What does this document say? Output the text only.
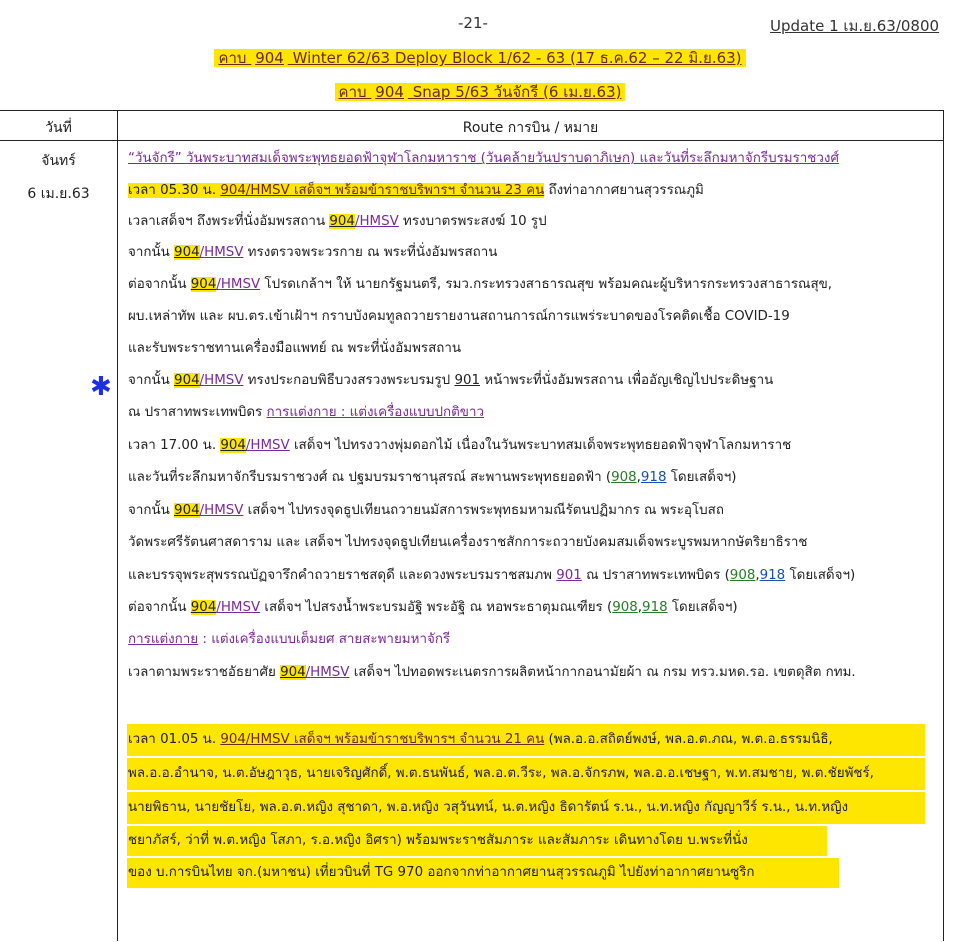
-21-	Update 1 เม.ย.63/0800
คาบ 904 Winter 62/63 Deploy Block 1/62 - 63 (17 ธ.ค.62 – 22 มิ.ย.63)
คาบ 904 Snap 5/63 วันจักรี (6 เม.ย.63)
วันที่	Route การบิน / หมาย
จันทร์
6 เม.ย.63
“วันจักรี” วันพระบาทสมเด็จพระพุทธยอดฟ้าจุฬาโลกมหาราช (วันคล้ายวันปราบดาภิเษก) และวันที่ระลึกมหาจักรีบรมราชวงศ์
เวลา 05.30 น. 904/HMSV เสด็จฯ พร้อมข้าราชบริพารฯ จำนวน 23 คน ถึงท่าอากาศยานสุวรรณภูมิ
เวลาเสด็จฯ ถึงพระที่นั่งอัมพรสถาน 904/HMSV ทรงบาตรพระสงฆ์ 10 รูป
จากนั้น 904/HMSV ทรงตรวจพระวรกาย ณ พระที่นั่งอัมพรสถาน
ต่อจากนั้น 904/HMSV โปรดเกล้าฯ ให้ นายกรัฐมนตรี, รมว.กระทรวงสาธารณสุข พร้อมคณะผู้บริหารกระทรวงสาธารณสุข,
ผบ.เหล่าทัพ และ ผบ.ตร.เข้าเฝ้าฯ กราบบังคมทูลถวายรายงานสถานการณ์การแพร่ระบาดของโรคติดเชื้อ COVID-19
และรับพระราชทานเครื่องมือแพทย์ ณ พระที่นั่งอัมพรสถาน
✱ จากนั้น 904/HMSV ทรงประกอบพิธีบวงสรวงพระบรมรูป 901 หน้าพระที่นั่งอัมพรสถาน เพื่ออัญเชิญไปประดิษฐาน
ณ ปราสาทพระเทพบิดร การแต่งกาย : แต่งเครื่องแบบปกติขาว
เวลา 17.00 น. 904/HMSV เสด็จฯ ไปทรงวางพุ่มดอกไม้ เนื่องในวันพระบาทสมเด็จพระพุทธยอดฟ้าจุฬาโลกมหาราช
และวันที่ระลึกมหาจักรีบรมราชวงศ์ ณ ปฐมบรมราชานุสรณ์ สะพานพระพุทธยอดฟ้า (908,918 โดยเสด็จฯ)
จากนั้น 904/HMSV เสด็จฯ ไปทรงจุดธูปเทียนถวายนมัสการพระพุทธมหามณีรัตนปฏิมากร ณ พระอุโบสถ
วัดพระศรีรัตนศาสดาราม และ เสด็จฯ ไปทรงจุดธูปเทียนเครื่องราชสักการะถวายบังคมสมเด็จพระบูรพมหากษัตริยาธิราช
และบรรจุพระสุพรรณบัฏจารึกคำถวายราชสดุดี และดวงพระบรมราชสมภพ 901 ณ ปราสาทพระเทพบิดร (908,918 โดยเสด็จฯ)
ต่อจากนั้น 904/HMSV เสด็จฯ ไปสรงน้ำพระบรมอัฐิ พระอัฐิ ณ หอพระธาตุมณเฑียร (908,918 โดยเสด็จฯ)
การแต่งกาย : แต่งเครื่องแบบเต็มยศ สายสะพายมหาจักรี
เวลาตามพระราชอัธยาศัย 904/HMSV เสด็จฯ ไปทอดพระเนตรการผลิตหน้ากากอนามัยผ้า ณ กรม ทรว.มหด.รอ. เขตดุสิต กทม.
เวลา 01.05 น. 904/HMSV เสด็จฯ พร้อมข้าราชบริพารฯ จำนวน 21 คน (พล.อ.อ.สถิตย์พงษ์, พล.อ.ต.ภณ, พ.ต.อ.ธรรมนิธิ,
พล.อ.อ.อำนาจ, น.ต.อัษฎาวุธ, นายเจริญศักดิ์, พ.ต.ธนพันธ์, พล.อ.ต.วีระ, พล.อ.จักรภพ, พล.อ.อ.เชษฐา, พ.ท.สมชาย, พ.ต.ชัยพัชร์,
นายพิธาน, นายชัยโย, พล.อ.ต.หญิง สุชาดา, พ.อ.หญิง วสุวันทน์, น.ต.หญิง ธิดารัตน์ ร.น., น.ท.หญิง กัญญาวีร์ ร.น., น.ท.หญิง
ชยาภัสร์, ว่าที่ พ.ต.หญิง โสภา, ร.อ.หญิง อิศรา) พร้อมพระราชสัมภาระ และสัมภาระ เดินทางโดย บ.พระที่นั่ง
ของ บ.การบินไทย จก.(มหาชน) เที่ยวบินที่ TG 970 ออกจากท่าอากาศยานสุวรรณภูมิ ไปยังท่าอากาศยานซูริก
